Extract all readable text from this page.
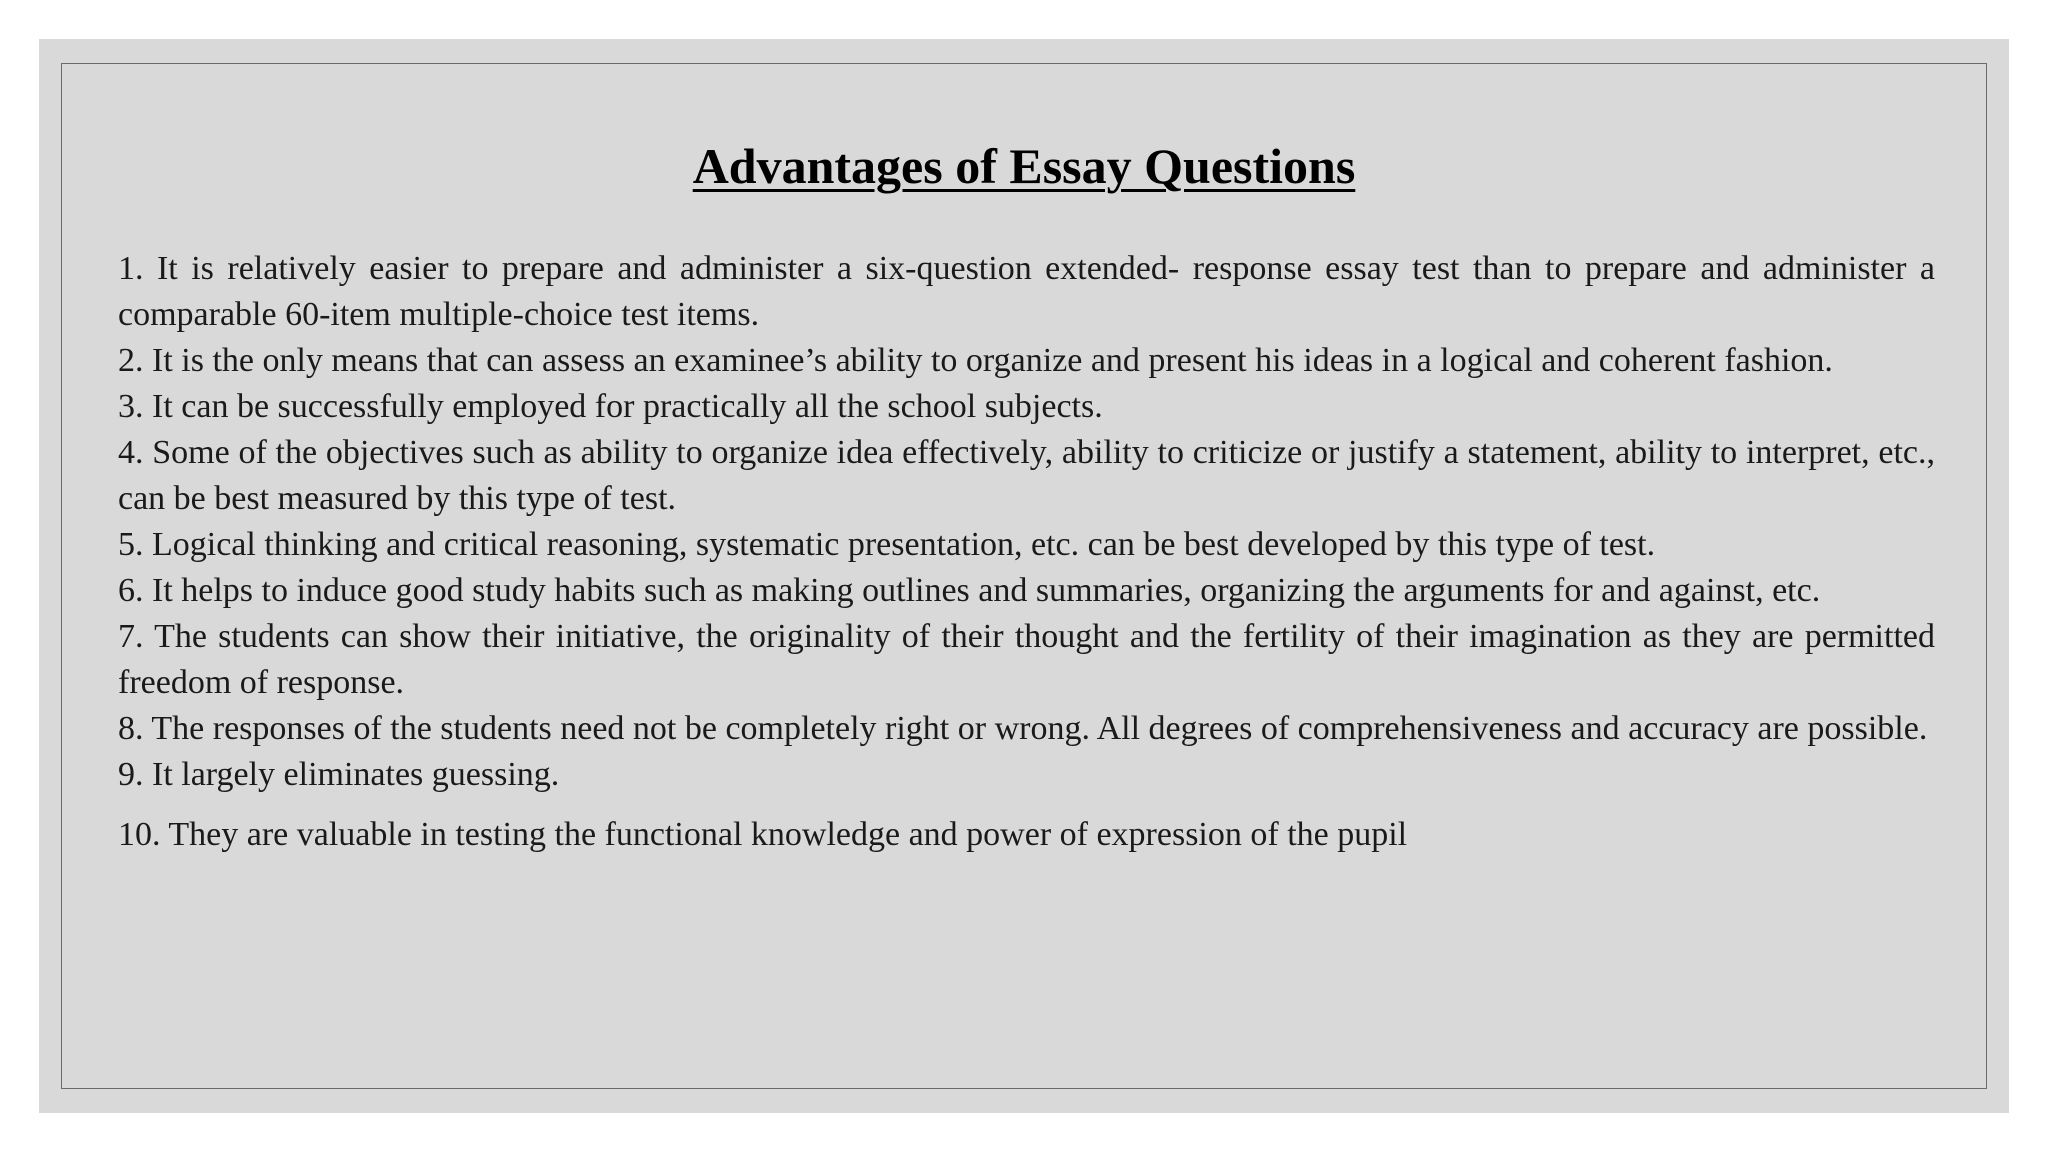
Advantages of Essay Questions
1. It is relatively easier to prepare and administer a six-question extended- response essay test than to prepare and administer a comparable 60-item multiple-choice test items.
2. It is the only means that can assess an examinee’s ability to organize and present his ideas in a logical and coherent fashion.
3. It can be successfully employed for practically all the school subjects.
4. Some of the objectives such as ability to organize idea effectively, ability to criticize or justify a statement, ability to interpret, etc., can be best measured by this type of test.
5. Logical thinking and critical reasoning, systematic presentation, etc. can be best developed by this type of test.
6. It helps to induce good study habits such as making outlines and summaries, organizing the arguments for and against, etc.
7. The students can show their initiative, the originality of their thought and the fertility of their imagination as they are permitted freedom of response.
8. The responses of the students need not be completely right or wrong. All degrees of comprehensiveness and accuracy are possible.
9. It largely eliminates guessing.
10. They are valuable in testing the functional knowledge and power of expression of the pupil
